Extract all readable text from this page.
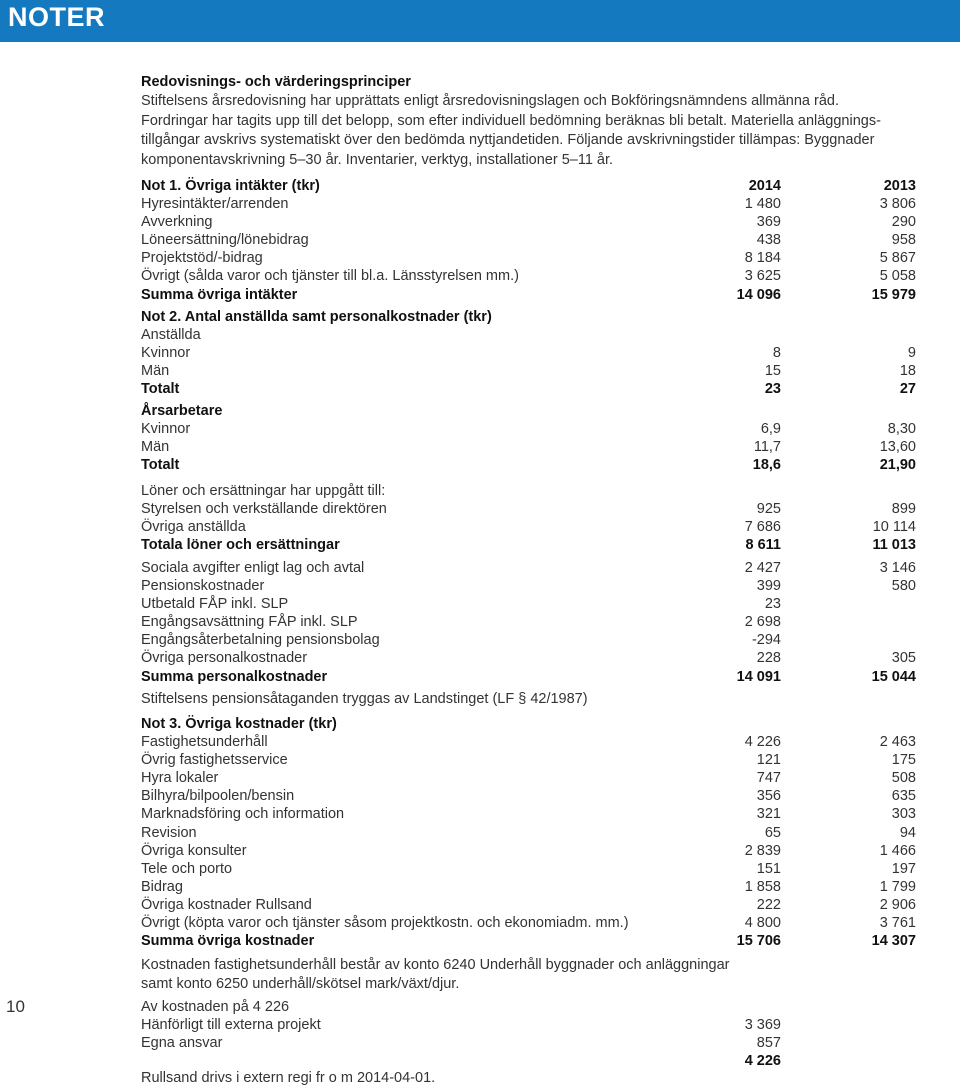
NOTER
10
Redovisnings- och värderingsprinciper
Stiftelsens årsredovisning har upprättats enligt årsredovisningslagen och Bokföringsnämndens allmänna råd.
Fordringar har tagits upp till det belopp, som efter individuell bedömning beräknas bli betalt. Materiella anläggnings-
tillgångar avskrivs systematiskt över den bedömda nyttjandetiden. Följande avskrivningstider tillämpas: Byggnader
komponentavskrivning 5–30 år. Inventarier, verktyg, installationer 5–11 år.
Not 1. Övriga intäkter (tkr)	2014	2013
Hyresintäkter/arrenden	1 480	3 806
Avverkning	369	290
Löneersättning/lönebidrag	438	958
Projektstöd/-bidrag	8 184	5 867
Övrigt (sålda varor och tjänster till bl.a. Länsstyrelsen mm.)	3 625	5 058
Summa övriga intäkter	14 096	15 979
Not 2. Antal anställda samt personalkostnader (tkr)
Anställda
Kvinnor	8	9
Män	15	18
Totalt	23	27
Årsarbetare
Kvinnor	6,9	8,30
Män	11,7	13,60
Totalt	18,6	21,90
Löner och ersättningar har uppgått till:
Styrelsen och verkställande direktören	925	899
Övriga anställda	7 686	10 114
Totala löner och ersättningar	8 611	11 013
Sociala avgifter enligt lag och avtal	2 427	3 146
Pensionskostnader	399	580
Utbetald FÅP inkl. SLP	23
Engångsavsättning FÅP inkl. SLP	2 698
Engångsåterbetalning pensionsbolag	-294
Övriga personalkostnader	228	305
Summa personalkostnader	14 091	15 044
Stiftelsens pensionsåtaganden tryggas av Landstinget (LF § 42/1987)
Not 3. Övriga kostnader (tkr)
Fastighetsunderhåll	4 226	2 463
Övrig fastighetsservice	121	175
Hyra lokaler	747	508
Bilhyra/bilpoolen/bensin	356	635
Marknadsföring och information	321	303
Revision	65	94
Övriga konsulter	2 839	1 466
Tele och porto	151	197
Bidrag	1 858	1 799
Övriga kostnader Rullsand	222	2 906
Övrigt (köpta varor och tjänster såsom projektkostn. och ekonomiadm. mm.)	4 800	3 761
Summa övriga kostnader	15 706	14 307
Kostnaden fastighetsunderhåll består av konto 6240 Underhåll byggnader och anläggningar
samt konto 6250 underhåll/skötsel mark/växt/djur.
Av kostnaden på 4 226
Hänförligt till externa projekt	3 369
Egna ansvar	857
4 226
Rullsand drivs i extern regi fr o m 2014-04-01.
